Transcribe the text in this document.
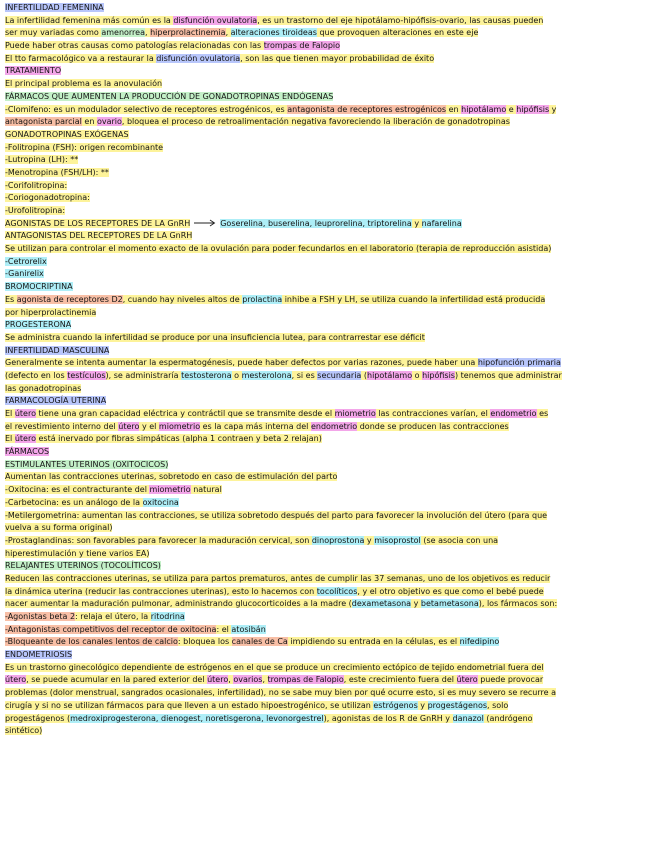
INFERTILIDAD FEMENINA
La infertilidad femenina más común es la disfunción ovulatoria, es un trastorno del eje hipotálamo-hipófisis-ovario, las causas pueden
ser muy variadas como amenorrea, hiperprolactinemia, alteraciones tiroideas que provoquen alteraciones en este eje
Puede haber otras causas como patologías relacionadas con las trompas de Falopio
El tto farmacológico va a restaurar la disfunción ovulatoria, son las que tienen mayor probabilidad de éxito
TRATAMIENTO
El principal problema es la anovulación
FÁRMACOS QUE AUMENTEN LA PRODUCCIÓN DE GONADOTROPINAS ENDÓGENAS
-Clomifeno: es un modulador selectivo de receptores estrogénicos, es antagonista de receptores estrogénicos en hipotálamo e hipófisis y
antagonista parcial en ovario, bloquea el proceso de retroalimentación negativa favoreciendo la liberación de gonadotropinas
GONADOTROPINAS EXÓGENAS
-Folitropina (FSH): origen recombinante
-Lutropina (LH): **
-Menotropina (FSH/LH): **
-Corifolitropina:
-Coriogonadotropina:
-Urofolitropina:
AGONISTAS DE LOS RECEPTORES DE LA GnRH	Goserelina, buserelina, leuprorelina, triptorelina y nafarelina
ANTAGONISTAS DEL RECEPTORES DE LA GnRH
Se utilizan para controlar el momento exacto de la ovulación para poder fecundarlos en el laboratorio (terapia de reproducción asistida)
-Cetrorelix
-Ganirelix
BROMOCRIPTINA
Es agonista de receptores D2, cuando hay niveles altos de prolactina inhibe a FSH y LH, se utiliza cuando la infertilidad está producida
por hiperprolactinemia
PROGESTERONA
Se administra cuando la infertilidad se produce por una insuficiencia lutea, para contrarrestar ese déficit
INFERTILIDAD MASCULINA
Generalmente se intenta aumentar la espermatogénesis, puede haber defectos por varias razones, puede haber una hipofunción primaria
(defecto en los testículos), se administraría testosterona o mesterolona, si es secundaria (hipotálamo o hipófisis) tenemos que administrar
las gonadotropinas
FARMACOLOGÍA UTERINA
El útero tiene una gran capacidad eléctrica y contráctil que se transmite desde el miometrio las contracciones varían, el endometrio es
el revestimiento interno del útero y el miometrio es la capa más interna del endometrio donde se producen las contracciones
El útero está inervado por fibras simpáticas (alpha 1 contraen y beta 2 relajan)
FÁRMACOS
ESTIMULANTES UTERINOS (OXITOCICOS)
Aumentan las contracciones uterinas, sobretodo en caso de estimulación del parto
-Oxitocina: es el contracturante del miometrio natural
-Carbetocina: es un análogo de la oxitocina
-Metilergometrina: aumentan las contracciones, se utiliza sobretodo después del parto para favorecer la involución del útero (para que
vuelva a su forma original)
-Prostaglandinas: son favorables para favorecer la maduración cervical, son dinoprostona y misoprostol (se asocia con una
hiperestimulación y tiene varios EA)
RELAJANTES UTERINOS (TOCOLÍTICOS)
Reducen las contracciones uterinas, se utiliza para partos prematuros, antes de cumplir las 37 semanas, uno de los objetivos es reducir
la dinámica uterina (reducir las contracciones uterinas), esto lo hacemos con tocolíticos, y el otro objetivo es que como el bebé puede
nacer aumentar la maduración pulmonar, administrando glucocorticoides a la madre (dexametasona y betametasona), los fármacos son:
-Agonistas beta 2: relaja el útero, la ritodrina
-Antagonistas competitivos del receptor de oxitocina: el atosibán
-Bloqueante de los canales lentos de calcio: bloquea los canales de Ca impidiendo su entrada en la células, es el nifedipino
ENDOMETRIOSIS
Es un trastorno ginecológico dependiente de estrógenos en el que se produce un crecimiento ectópico de tejido endometrial fuera del
útero, se puede acumular en la pared exterior del útero, ovarios, trompas de Falopio, este crecimiento fuera del útero puede provocar
problemas (dolor menstrual, sangrados ocasionales, infertilidad), no se sabe muy bien por qué ocurre esto, si es muy severo se recurre a
cirugía y si no se utilizan fármacos para que lleven a un estado hipoestrogénico, se utilizan estrógenos y progestágenos, solo
progestágenos (medroxiprogesterona, dienogest, noretisgerona, levonorgestrel), agonistas de los R de GnRH y danazol (andrógeno
sintético)
